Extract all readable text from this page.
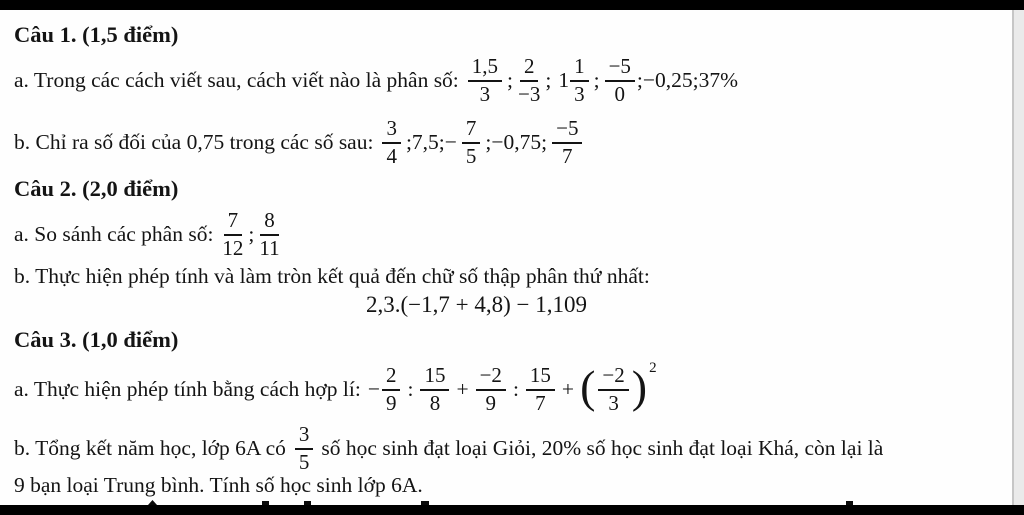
Câu 1. (1,5 điểm)
a. Trong các cách viết sau, cách viết nào là phân số: $\frac{1,5}{3}$ ; $\frac{2}{-3}$ ; $1 \frac{1}{3}$ ; $\frac{-5}{0}$ ;−0,25;37%
b. Chỉ ra số đối của 0,75 trong các số sau: $\frac{3}{4}$ ;7,5;− $\frac{7}{5}$ ;−0,75; $\frac{-5}{7}$
Câu 2. (2,0 điểm)
a. So sánh các phân số: $\frac{7}{12}$ ; $\frac{8}{11}$
b. Thực hiện phép tính và làm tròn kết quả đến chữ số thập phân thứ nhất:
2,3.(−1,7 + 4,8) − 1,109
Câu 3. (1,0 điểm)
a. Thực hiện phép tính bằng cách hợp lí: − $\frac{2}{9}$ : $\frac{15}{8} + \frac{-2}{9}$ : $\frac{15}{7}$ + ( $\frac{-2}{3}$ ) 2
b. Tổng kết năm học, lớp 6A có $\frac{3}{5}$ số học sinh đạt loại Giỏi, 20% số học sinh đạt loại Khá, còn lại là
9 bạn loại Trung bình. Tính số học sinh lớp 6A.
